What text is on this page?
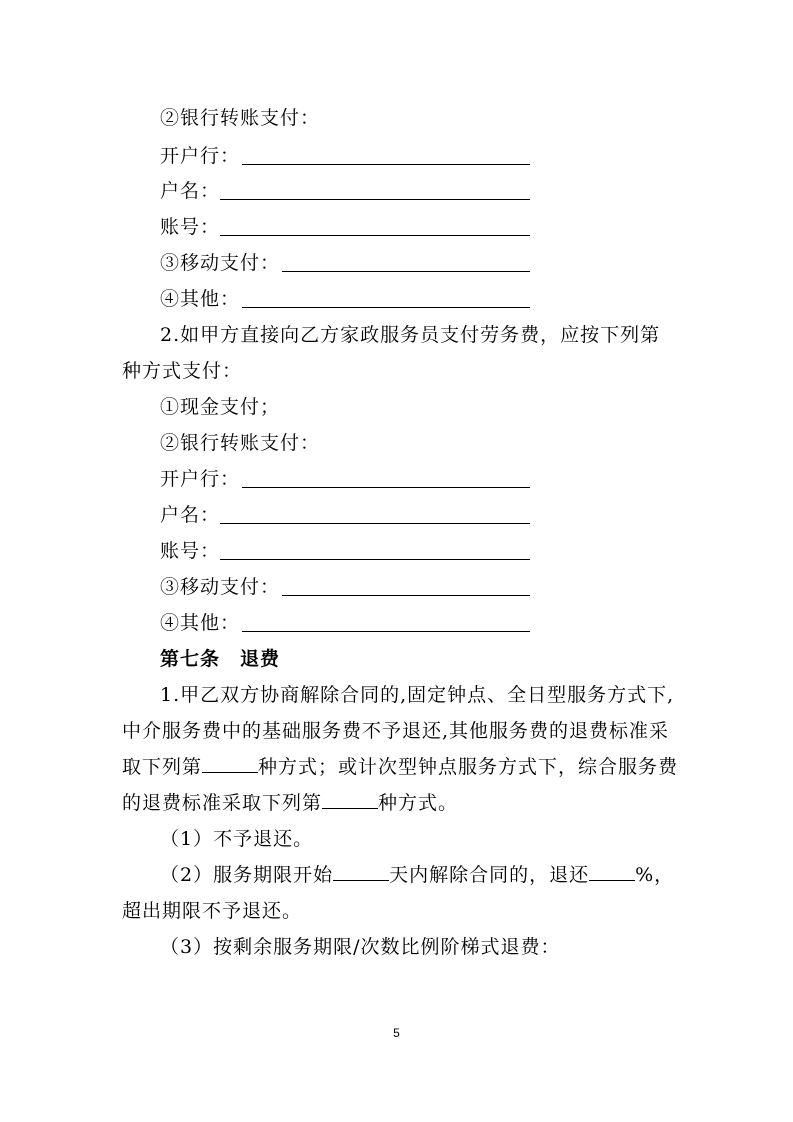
②银行转账支付：
开户行：
户名：
账号：
③移动支付：
④其他：
2.如甲方直接向乙方家政服务员支付劳务费，应按下列第
种方式支付：
①现金支付；
②银行转账支付：
开户行：
户名：
账号：
③移动支付：
④其他：
第七条　退费
1.甲乙双方协商解除合同的,固定钟点、全日型服务方式下,
中介服务费中的基础服务费不予退还,其他服务费的退费标准采
取下列第	种方式；或计次型钟点服务方式下，综合服务费
的退费标准采取下列第	种方式。
（1）不予退还。
（2）服务期限开始	天内解除合同的，退还 %，
超出期限不予退还。
（3）按剩余服务期限/次数比例阶梯式退费：
5
